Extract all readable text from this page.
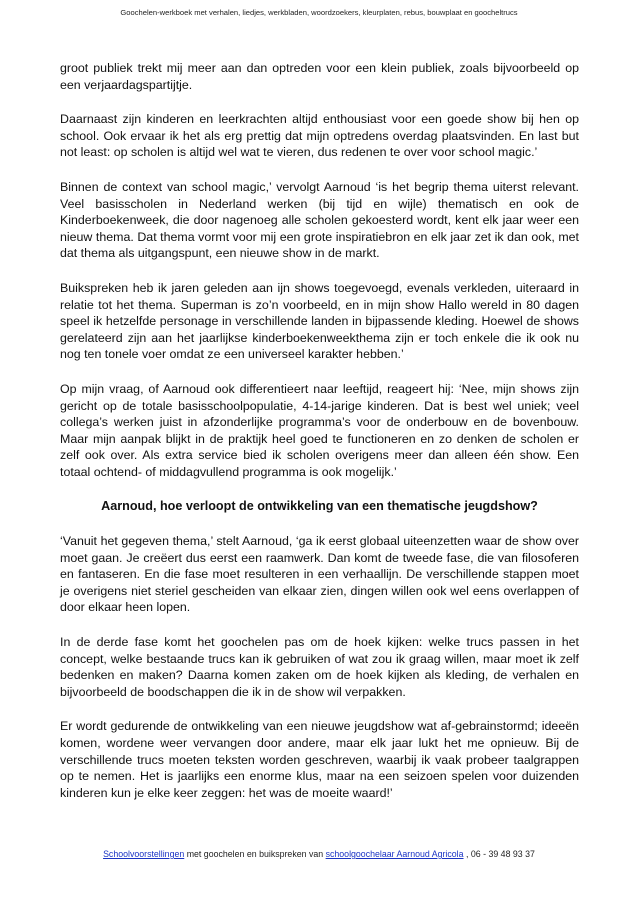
Goochelen-werkboek met verhalen, liedjes, werkbladen, woordzoekers, kleurplaten, rebus, bouwplaat en goocheltrucs

groot publiek trekt mij meer aan dan optreden voor een klein publiek, zoals bijvoorbeeld op een verjaardagspartijtje.

Daarnaast zijn kinderen en leerkrachten altijd enthousiast voor een goede show bij hen op school. Ook ervaar ik het als erg prettig dat mijn optredens overdag plaatsvinden. En last but not least: op scholen is altijd wel wat te vieren, dus redenen te over voor school magic.’

Binnen de context van school magic,’ vervolgt Aarnoud ‘is het begrip thema uiterst relevant. Veel basisscholen in Nederland werken (bij tijd en wijle) thematisch en ook de Kinderboekenweek, die door nagenoeg alle scholen gekoesterd wordt, kent elk jaar weer een nieuw thema. Dat thema vormt voor mij een grote inspiratiebron en elk jaar zet ik dan ook, met dat thema als uitgangspunt, een nieuwe show in de markt.

Buikspreken heb ik jaren geleden aan ijn shows toegevoegd, evenals verkleden, uiteraard in relatie tot het thema. Superman is zo’n voorbeeld, en in mijn show Hallo wereld in 80 dagen speel ik hetzelfde personage in verschillende landen in bijpassende kleding. Hoewel de shows gerelateerd zijn aan het jaarlijkse kinderboekenweekthema zijn er toch enkele die ik ook nu nog ten tonele voer omdat ze een universeel karakter hebben.’

Op mijn vraag, of Aarnoud ook differentieert naar leeftijd, reageert hij: ‘Nee, mijn shows zijn gericht op de totale basisschoolpopulatie, 4-14-jarige kinderen. Dat is best wel uniek; veel collega’s werken juist in afzonderlijke programma’s voor de onderbouw en de bovenbouw. Maar mijn aanpak blijkt in de praktijk heel goed te functioneren en zo denken de scholen er zelf ook over. Als extra service bied ik scholen overigens meer dan alleen één show. Een totaal ochtend- of middagvullend programma is ook mogelijk.’

Aarnoud, hoe verloopt de ontwikkeling van een thematische jeugdshow?

‘Vanuit het gegeven thema,’ stelt Aarnoud, ‘ga ik eerst globaal uiteenzetten waar de show over moet gaan. Je creëert dus eerst een raamwerk. Dan komt de tweede fase, die van filosoferen en fantaseren. En die fase moet resulteren in een verhaallijn. De verschillende stappen moet je overigens niet steriel gescheiden van elkaar zien, dingen willen ook wel eens overlappen of door elkaar heen lopen.

In de derde fase komt het goochelen pas om de hoek kijken: welke trucs passen in het concept, welke bestaande trucs kan ik gebruiken of wat zou ik graag willen, maar moet ik zelf bedenken en maken? Daarna komen zaken om de hoek kijken als kleding, de verhalen en bijvoorbeeld de boodschappen die ik in de show wil verpakken.

Er wordt gedurende de ontwikkeling van een nieuwe jeugdshow wat af-gebrainstormd; ideeën komen, wordene weer vervangen door andere, maar elk jaar lukt het me opnieuw. Bij de verschillende trucs moeten teksten worden geschreven, waarbij ik vaak probeer taalgrappen op te nemen. Het is jaarlijks een enorme klus, maar na een seizoen spelen voor duizenden kinderen kun je elke keer zeggen: het was de moeite waard!’

Schoolvoorstellingen met goochelen en buikspreken van schoolgoochelaar Aarnoud Agricola , 06 - 39 48 93 37
